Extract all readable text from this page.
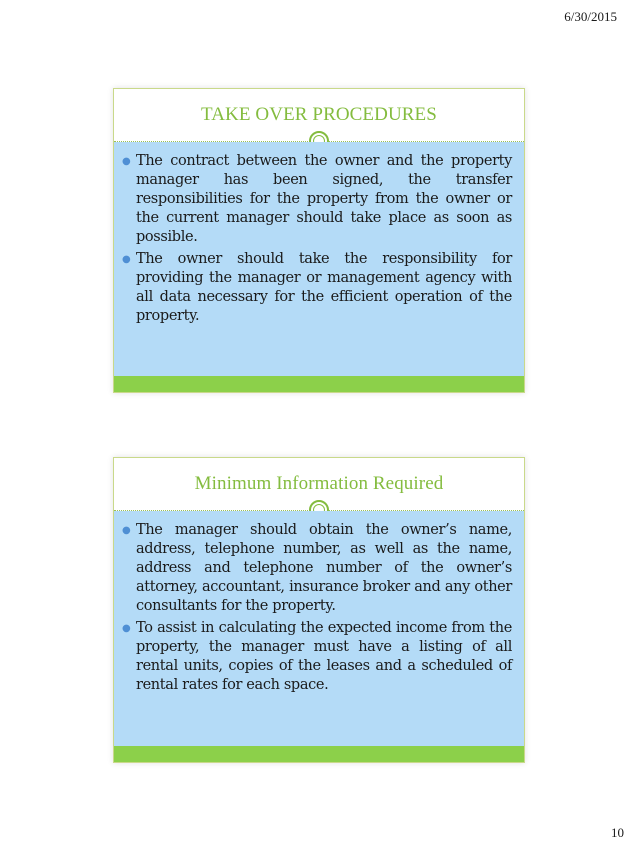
6/30/2015
TAKE OVER PROCEDURES
● The contract between the owner and the property manager has been signed, the transfer responsibilities for the property from the owner or the current manager should take place as soon as possible.
● The owner should take the responsibility for providing the manager or management agency with all data necessary for the efficient operation of the property.
Minimum Information Required
● The manager should obtain the owner’s name, address, telephone number, as well as the name, address and telephone number of the owner’s attorney, accountant, insurance broker and any other consultants for the property.
● To assist in calculating the expected income from the property, the manager must have a listing of all rental units, copies of the leases and a scheduled of rental rates for each space.
10
